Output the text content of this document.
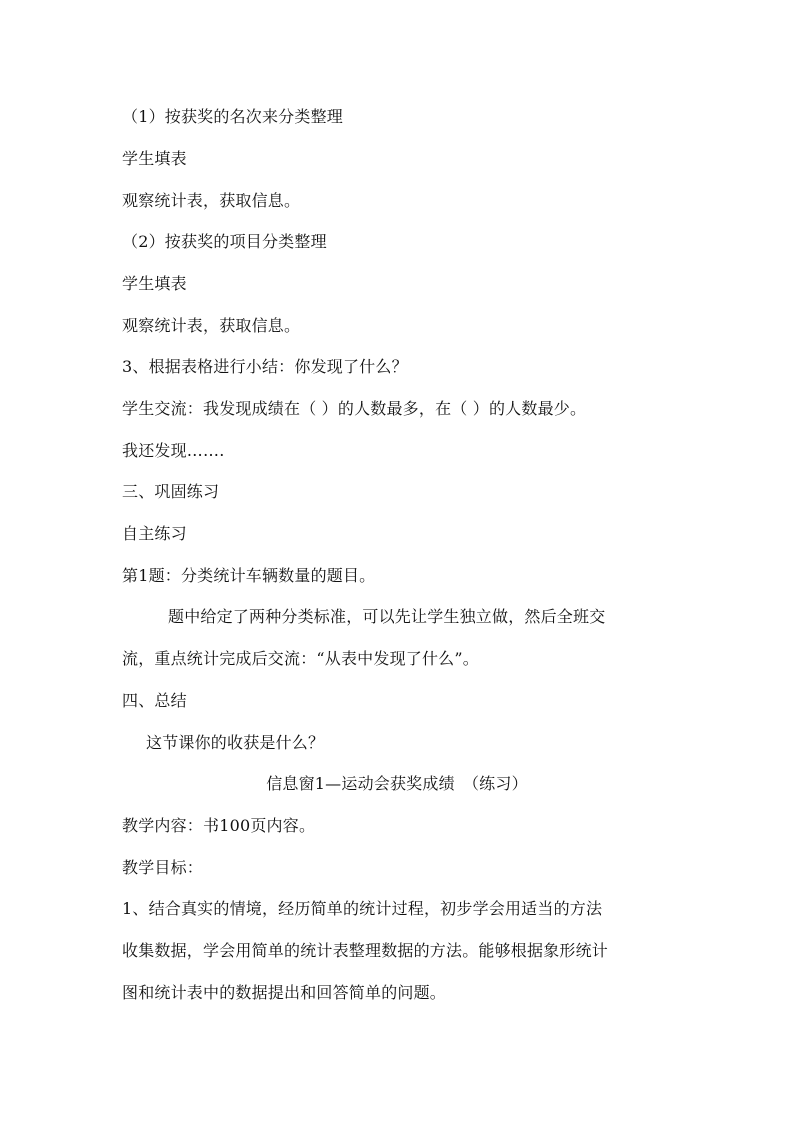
（1）按获奖的名次来分类整理
学生填表
观察统计表，获取信息。
（2）按获奖的项目分类整理
学生填表
观察统计表，获取信息。
3、根据表格进行小结：你发现了什么？
学生交流：我发现成绩在（ ）的人数最多，在（ ）的人数最少。
我还发现…….
三、巩固练习
自主练习
第1题：分类统计车辆数量的题目。
题中给定了两种分类标准，可以先让学生独立做，然后全班交
流，重点统计完成后交流：“从表中发现了什么”。
四、总结
这节课你的收获是什么？
信息窗1—运动会获奖成绩　（练习）
教学内容：书100页内容。
教学目标：
1、结合真实的情境，经历简单的统计过程，初步学会用适当的方法
收集数据，学会用简单的统计表整理数据的方法。能够根据象形统计
图和统计表中的数据提出和回答简单的问题。
